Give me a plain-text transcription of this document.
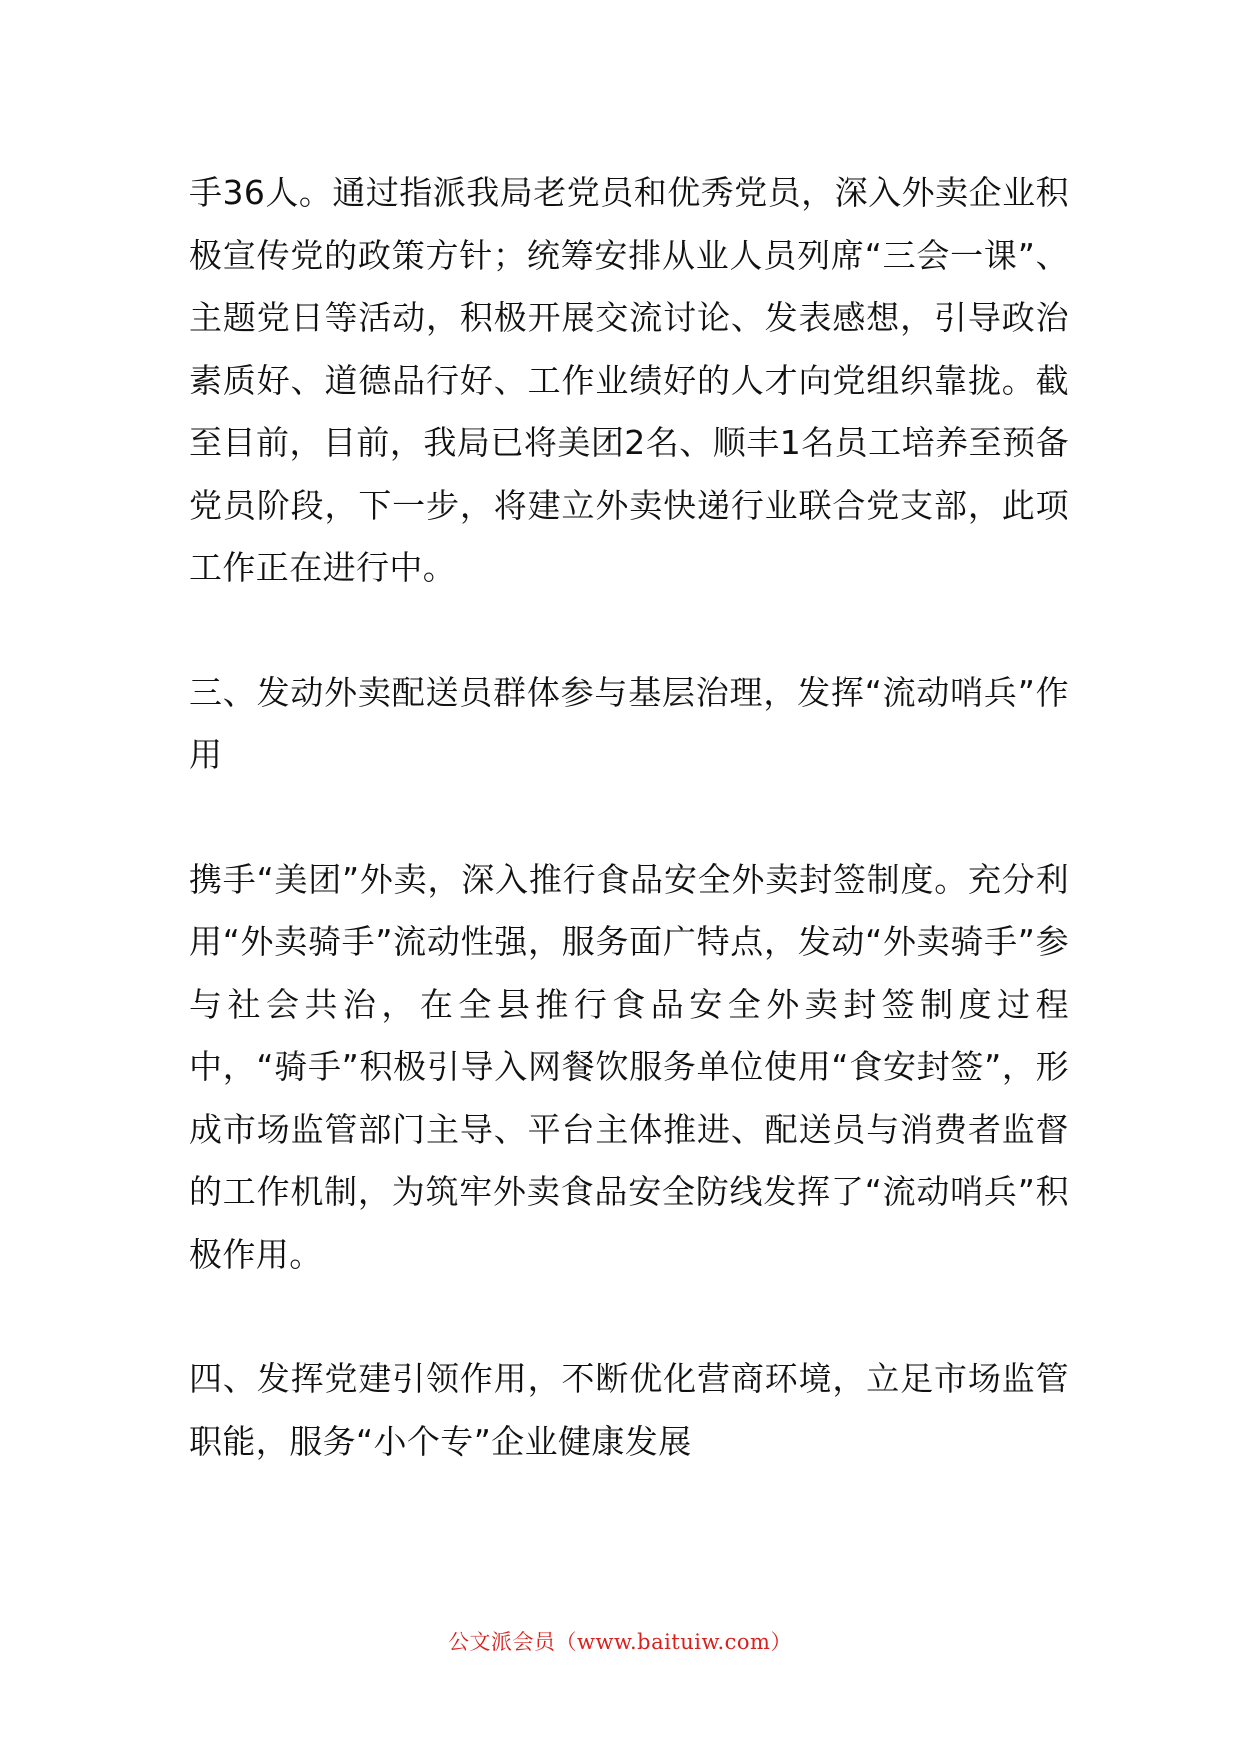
手36人。通过指派我局老党员和优秀党员，深入外卖企业积极宣传党的政策方针；统筹安排从业人员列席“三会一课”、主题党日等活动，积极开展交流讨论、发表感想，引导政治素质好、道德品行好、工作业绩好的人才向党组织靠拢。截至目前，目前，我局已将美团2名、顺丰1名员工培养至预备党员阶段，下一步，将建立外卖快递行业联合党支部，此项工作正在进行中。

三、发动外卖配送员群体参与基层治理，发挥“流动哨兵”作用

携手“美团”外卖，深入推行食品安全外卖封签制度。充分利用“外卖骑手”流动性强，服务面广特点，发动“外卖骑手”参与社会共治，在全县推行食品安全外卖封签制度过程中，“骑手”积极引导入网餐饮服务单位使用“食安封签”，形成市场监管部门主导、平台主体推进、配送员与消费者监督的工作机制，为筑牢外卖食品安全防线发挥了“流动哨兵”积极作用。

四、发挥党建引领作用，不断优化营商环境，立足市场监管职能，服务“小个专”企业健康发展

公文派会员（www.baituiw.com）
